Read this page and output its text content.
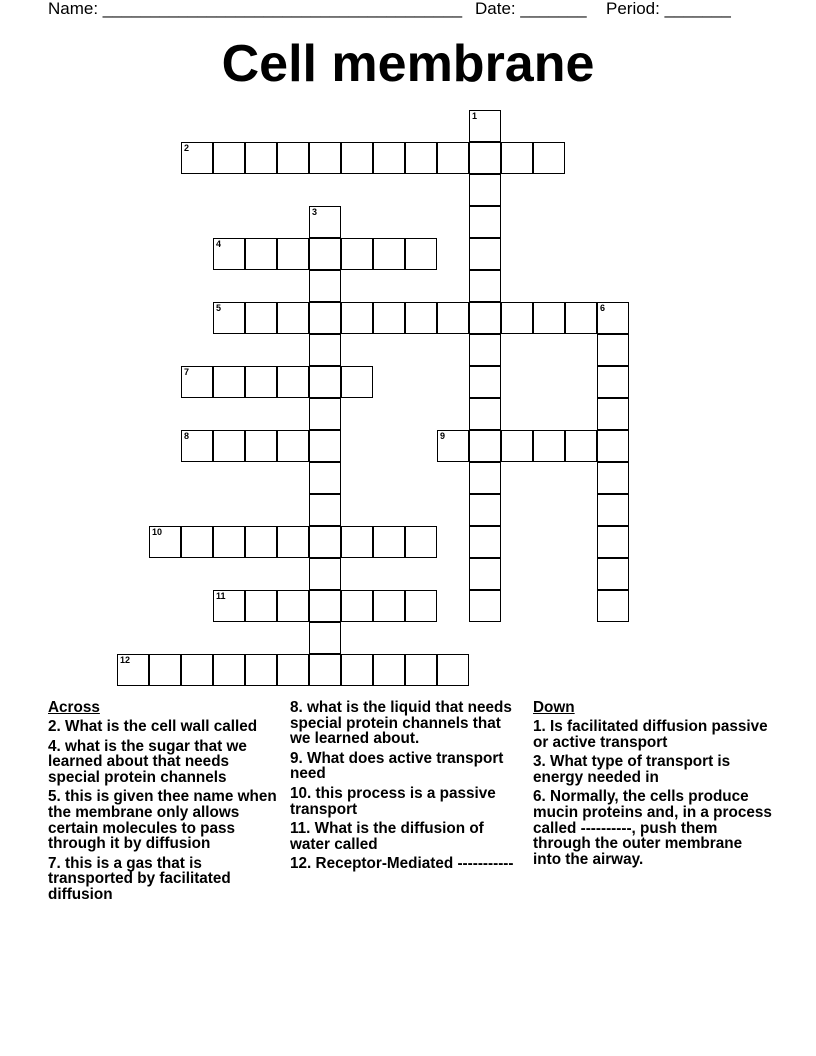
Name: ______________________________________ Date: _______ Period: _______
Cell membrane
1
2
3
4
5	6
7
8	9
10
11
12
Across
2. What is the cell wall called
4. what is the sugar that we learned about that needs special protein channels
5. this is given thee name when the membrane only allows certain molecules to pass through it by diffusion
7. this is a gas that is transported by facilitated diffusion
8. what is the liquid that needs special protein channels that we learned about.
9. What does active transport need
10. this process is a passive transport
11. What is the diffusion of water called
12. Receptor-Mediated -----------
Down
1. Is facilitated diffusion passive or active transport
3. What type of transport is energy needed in
6. Normally, the cells produce mucin proteins and, in a process called ----------, push them through the outer membrane into the airway.
